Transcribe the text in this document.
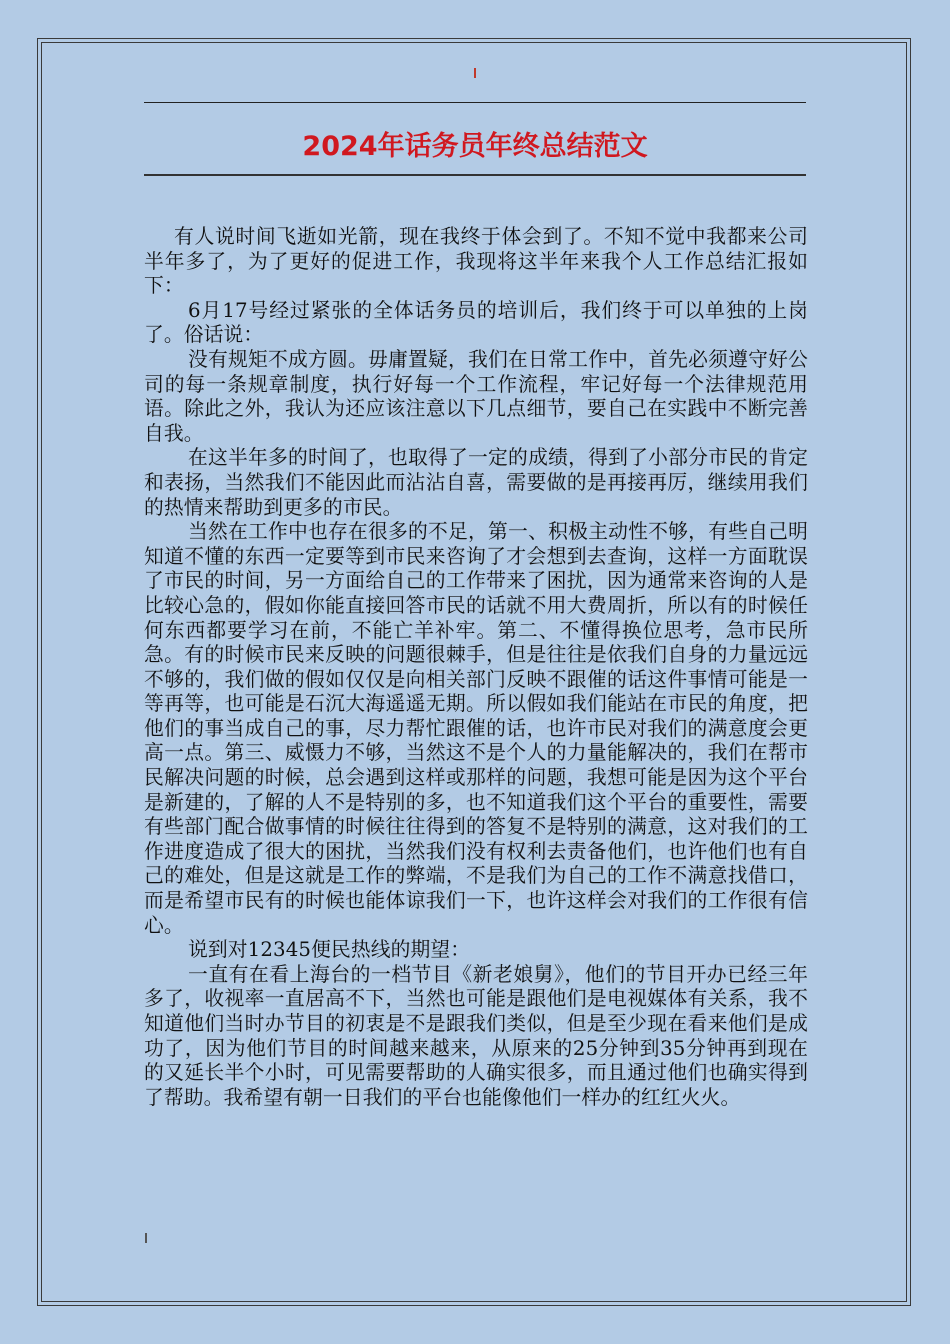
2024年话务员年终总结范文

有人说时间飞逝如光箭，现在我终于体会到了。不知不觉中我都来公司半年多了，为了更好的促进工作，我现将这半年来我个人工作总结汇报如下：

6月17号经过紧张的全体话务员的培训后，我们终于可以单独的上岗了。俗话说：

没有规矩不成方圆。毋庸置疑，我们在日常工作中，首先必须遵守好公司的每一条规章制度，执行好每一个工作流程，牢记好每一个法律规范用语。除此之外，我认为还应该注意以下几点细节，要自己在实践中不断完善自我。

在这半年多的时间了，也取得了一定的成绩，得到了小部分市民的肯定和表扬，当然我们不能因此而沾沾自喜，需要做的是再接再厉，继续用我们的热情来帮助到更多的市民。

当然在工作中也存在很多的不足，第一、积极主动性不够，有些自己明知道不懂的东西一定要等到市民来咨询了才会想到去查询，这样一方面耽误了市民的时间，另一方面给自己的工作带来了困扰，因为通常来咨询的人是比较心急的，假如你能直接回答市民的话就不用大费周折，所以有的时候任何东西都要学习在前，不能亡羊补牢。第二、不懂得换位思考，急市民所急。有的时候市民来反映的问题很棘手，但是往往是依我们自身的力量远远不够的，我们做的假如仅仅是向相关部门反映不跟催的话这件事情可能是一等再等，也可能是石沉大海遥遥无期。所以假如我们能站在市民的角度，把他们的事当成自己的事，尽力帮忙跟催的话，也许市民对我们的满意度会更高一点。第三、威慑力不够，当然这不是个人的力量能解决的，我们在帮市民解决问题的时候，总会遇到这样或那样的问题，我想可能是因为这个平台是新建的，了解的人不是特别的多，也不知道我们这个平台的重要性，需要有些部门配合做事情的时候往往得到的答复不是特别的满意，这对我们的工作进度造成了很大的困扰，当然我们没有权利去责备他们，也许他们也有自己的难处，但是这就是工作的弊端，不是我们为自己的工作不满意找借口，而是希望市民有的时候也能体谅我们一下，也许这样会对我们的工作很有信心。

说到对12345便民热线的期望：

一直有在看上海台的一档节目《新老娘舅》，他们的节目开办已经三年多了，收视率一直居高不下，当然也可能是跟他们是电视媒体有关系，我不知道他们当时办节目的初衷是不是跟我们类似，但是至少现在看来他们是成功了，因为他们节目的时间越来越来，从原来的25分钟到35分钟再到现在的又延长半个小时，可见需要帮助的人确实很多，而且通过他们也确实得到了帮助。我希望有朝一日我们的平台也能像他们一样办的红红火火。
